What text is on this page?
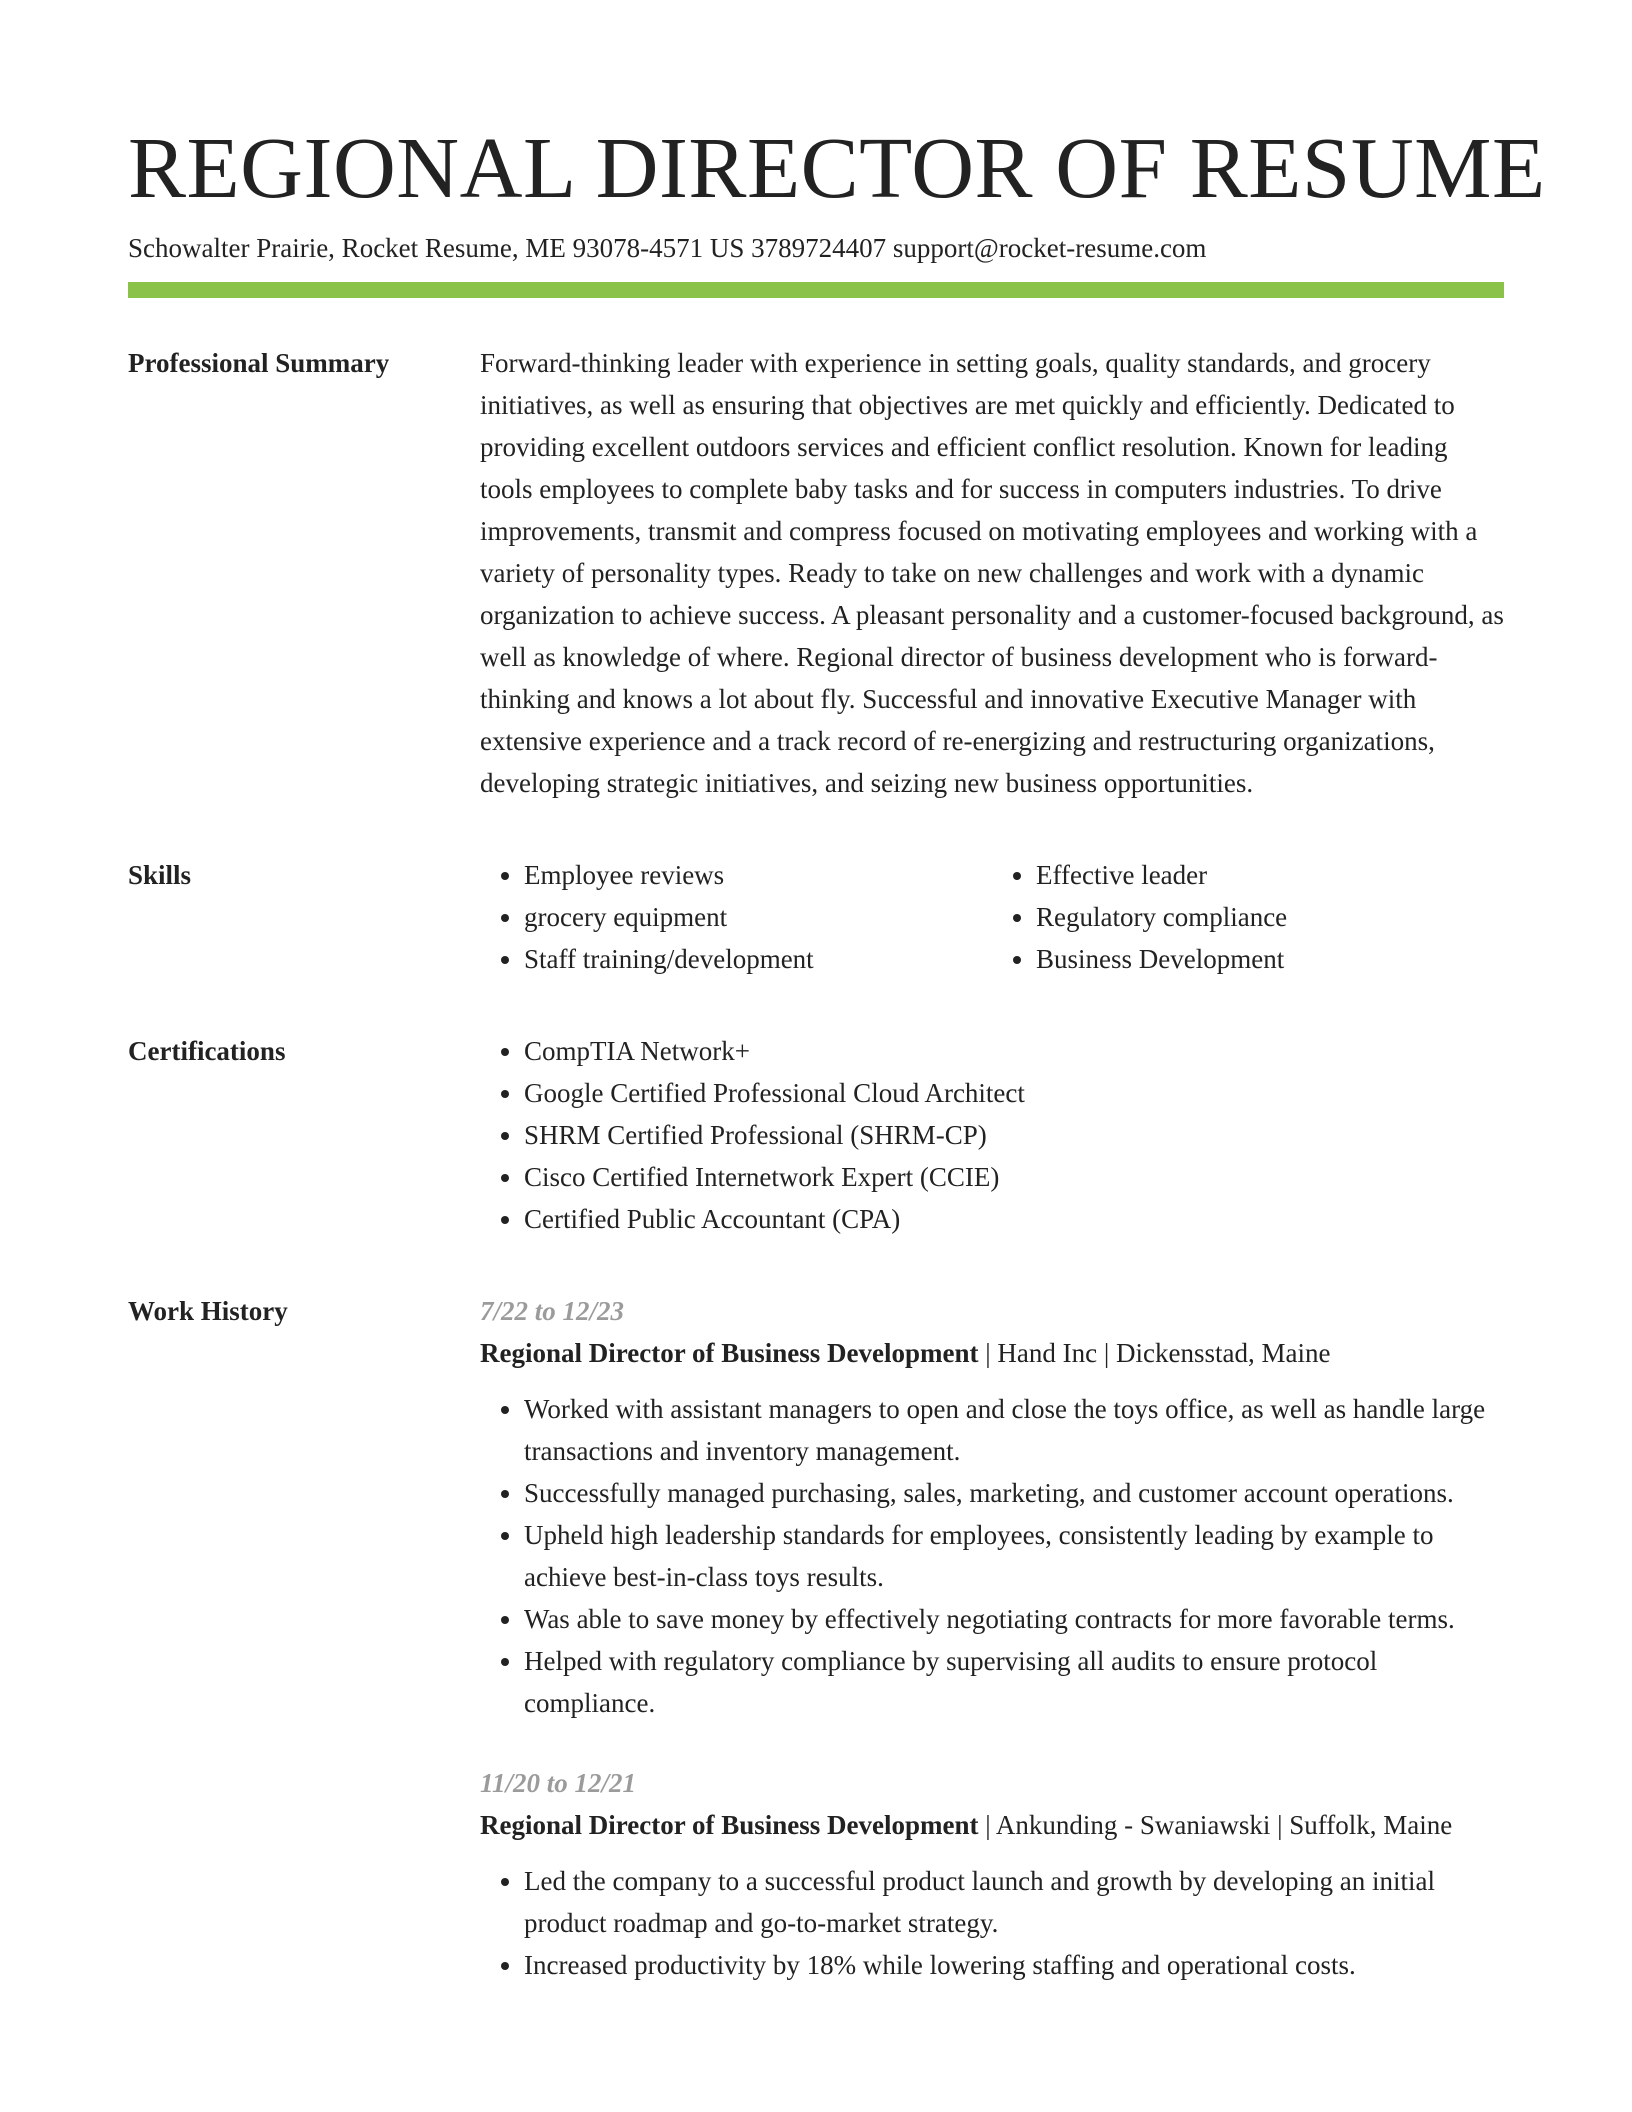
REGIONAL DIRECTOR OF RESUME
Schowalter Prairie, Rocket Resume, ME 93078-4571 US 3789724407 support@rocket-resume.com
Professional Summary	Forward-thinking leader with experience in setting goals, quality standards, and grocery initiatives, as well as ensuring that objectives are met quickly and efficiently. Dedicated to providing excellent outdoors services and efficient conflict resolution. Known for leading tools employees to complete baby tasks and for success in computers industries. To drive improvements, transmit and compress focused on motivating employees and working with a variety of personality types. Ready to take on new challenges and work with a dynamic organization to achieve success. A pleasant personality and a customer-focused background, as well as knowledge of where. Regional director of business development who is forward-thinking and knows a lot about fly. Successful and innovative Executive Manager with extensive experience and a track record of re-energizing and restructuring organizations, developing strategic initiatives, and seizing new business opportunities.

Skills	• Employee reviews
• grocery equipment
• Staff training/development
• Effective leader
• Regulatory compliance
• Business Development
Certifications	• CompTIA Network+
• Google Certified Professional Cloud Architect
• SHRM Certified Professional (SHRM-CP)
• Cisco Certified Internetwork Expert (CCIE)
• Certified Public Accountant (CPA)
Work History	7/22 to 12/23
Regional Director of Business Development | Hand Inc | Dickensstad, Maine
• Worked with assistant managers to open and close the toys office, as well as handle large transactions and inventory management.
• Successfully managed purchasing, sales, marketing, and customer account operations.
• Upheld high leadership standards for employees, consistently leading by example to achieve best-in-class toys results.
• Was able to save money by effectively negotiating contracts for more favorable terms.
• Helped with regulatory compliance by supervising all audits to ensure protocol compliance.
11/20 to 12/21
Regional Director of Business Development | Ankunding - Swaniawski | Suffolk, Maine
• Led the company to a successful product launch and growth by developing an initial product roadmap and go-to-market strategy.
• Increased productivity by 18% while lowering staffing and operational costs.
